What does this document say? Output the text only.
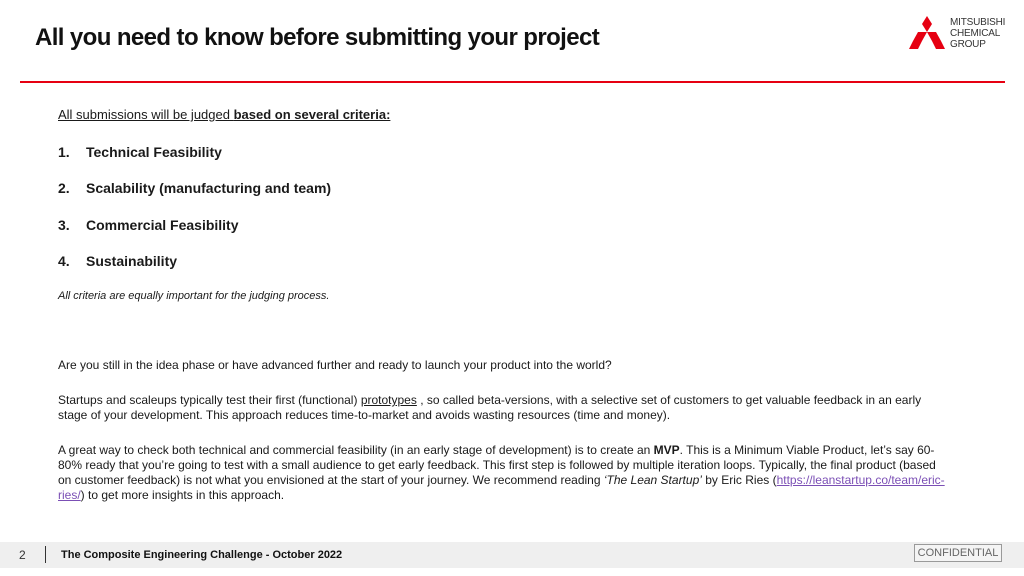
All you need to know before submitting your project
MITSUBISHI
CHEMICAL
GROUP

All submissions will be judged based on several criteria:

1. Technical Feasibility
2. Scalability (manufacturing and team)
3. Commercial Feasibility
4. Sustainability

All criteria are equally important for the judging process.

Are you still in the idea phase or have advanced further and ready to launch your product into the world?

Startups and scaleups typically test their first (functional) prototypes , so called beta-versions, with a selective set of customers to get valuable feedback in an early stage of your development. This approach reduces time-to-market and avoids wasting resources (time and money).

A great way to check both technical and commercial feasibility (in an early stage of development) is to create an MVP. This is a Minimum Viable Product, let’s say 60-80% ready that you’re going to test with a small audience to get early feedback. This first step is followed by multiple iteration loops. Typically, the final product (based on customer feedback) is not what you envisioned at the start of your journey. We recommend reading ‘The Lean Startup’ by Eric Ries (https://leanstartup.co/team/eric-ries/) to get more insights in this approach.

2	The Composite Engineering Challenge - October 2022	CONFIDENTIAL
